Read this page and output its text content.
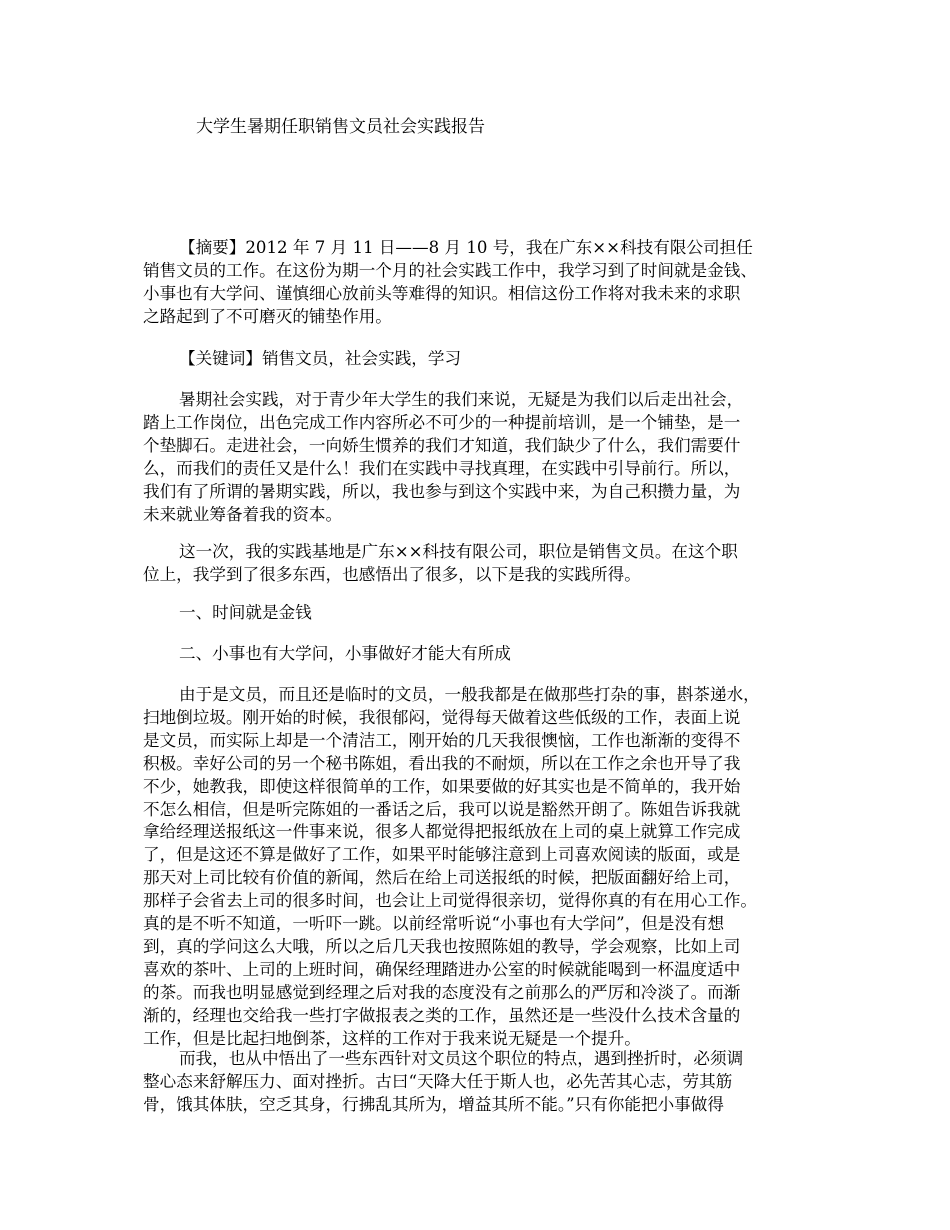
大学生暑期任职销售文员社会实践报告
【摘要】2012 年 7 月 11 日——8 月 10 号，我在广东××科技有限公司担任
销售文员的工作。在这份为期一个月的社会实践工作中，我学习到了时间就是金钱、
小事也有大学问、谨慎细心放前头等难得的知识。相信这份工作将对我未来的求职
之路起到了不可磨灭的铺垫作用。
【关键词】销售文员，社会实践，学习
暑期社会实践，对于青少年大学生的我们来说，无疑是为我们以后走出社会，
踏上工作岗位，出色完成工作内容所必不可少的一种提前培训，是一个铺垫，是一
个垫脚石。走进社会，一向娇生惯养的我们才知道，我们缺少了什么，我们需要什
么，而我们的责任又是什么！我们在实践中寻找真理，在实践中引导前行。所以，
我们有了所谓的暑期实践，所以，我也参与到这个实践中来，为自己积攒力量，为
未来就业筹备着我的资本。
这一次，我的实践基地是广东××科技有限公司，职位是销售文员。在这个职
位上，我学到了很多东西，也感悟出了很多，以下是我的实践所得。
一、时间就是金钱
二、小事也有大学问，小事做好才能大有所成
由于是文员，而且还是临时的文员，一般我都是在做那些打杂的事，斟茶递水，
扫地倒垃圾。刚开始的时候，我很郁闷，觉得每天做着这些低级的工作，表面上说
是文员，而实际上却是一个清洁工，刚开始的几天我很懊恼，工作也渐渐的变得不
积极。幸好公司的另一个秘书陈姐，看出我的不耐烦，所以在工作之余也开导了我
不少，她教我，即使这样很简单的工作，如果要做的好其实也是不简单的，我开始
不怎么相信，但是听完陈姐的一番话之后，我可以说是豁然开朗了。陈姐告诉我就
拿给经理送报纸这一件事来说，很多人都觉得把报纸放在上司的桌上就算工作完成
了，但是这还不算是做好了工作，如果平时能够注意到上司喜欢阅读的版面，或是
那天对上司比较有价值的新闻，然后在给上司送报纸的时候，把版面翻好给上司，
那样子会省去上司的很多时间，也会让上司觉得很亲切，觉得你真的有在用心工作。
真的是不听不知道，一听吓一跳。以前经常听说“小事也有大学问”，但是没有想
到，真的学问这么大哦，所以之后几天我也按照陈姐的教导，学会观察，比如上司
喜欢的茶叶、上司的上班时间，确保经理踏进办公室的时候就能喝到一杯温度适中
的茶。而我也明显感觉到经理之后对我的态度没有之前那么的严厉和冷淡了。而渐
渐的，经理也交给我一些打字做报表之类的工作，虽然还是一些没什么技术含量的
工作，但是比起扫地倒茶，这样的工作对于我来说无疑是一个提升。
而我，也从中悟出了一些东西针对文员这个职位的特点，遇到挫折时，必须调
整心态来舒解压力、面对挫折。古曰“天降大任于斯人也，必先苦其心志，劳其筋
骨，饿其体肤，空乏其身，行拂乱其所为，增益其所不能。”只有你能把小事做得
